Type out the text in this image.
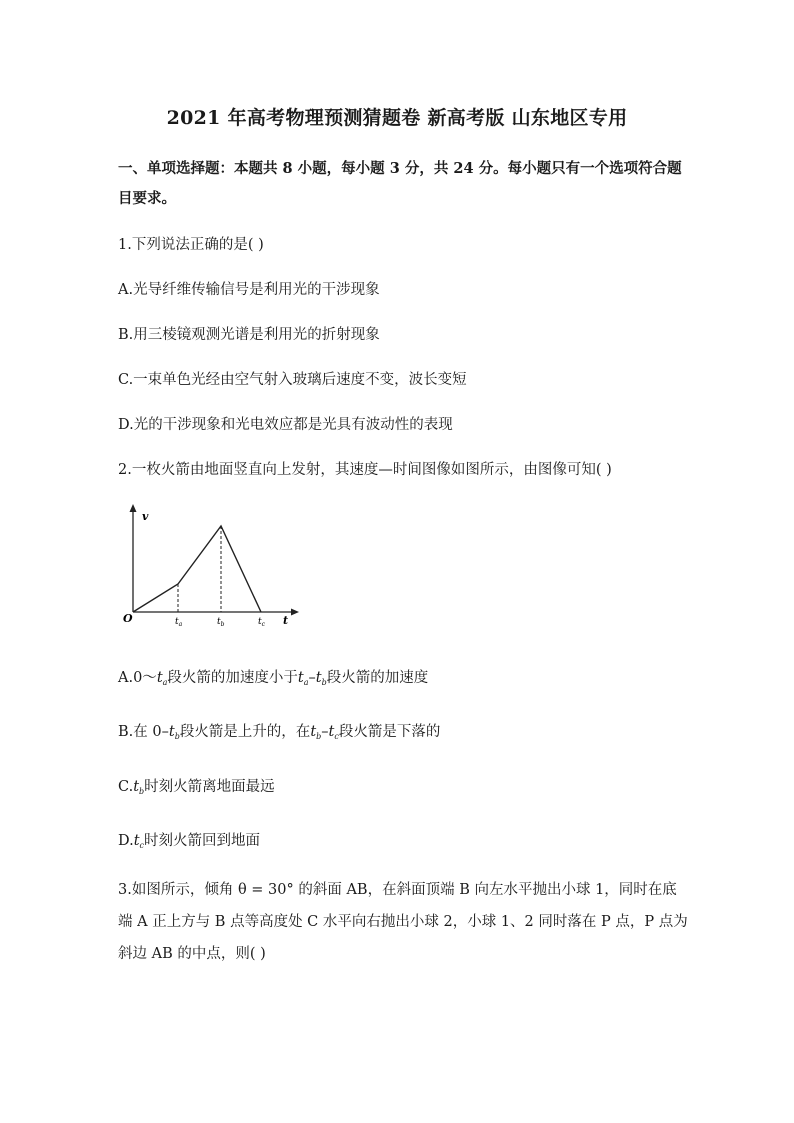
2021 年高考物理预测猜题卷 新高考版 山东地区专用
一、单项选择题：本题共 8 小题，每小题 3 分，共 24 分。每小题只有一个选项符合题目要求。
1.下列说法正确的是( )
A.光导纤维传输信号是利用光的干涉现象
B.用三棱镜观测光谱是利用光的折射现象
C.一束单色光经由空气射入玻璃后速度不变，波长变短
D.光的干涉现象和光电效应都是光具有波动性的表现
2.一枚火箭由地面竖直向上发射，其速度—时间图像如图所示，由图像可知( )
v
O	t
$t_a$	$t_b$	$t_c$
$A.0\sim t_a$段火箭的加速度小于$t_a-t_b$段火箭的加速度
B.在 $0-t_b$段火箭是上升的，在$t_b-t_c$段火箭是下落的
$C.t_b$时刻火箭离地面最远
$D.t_c$时刻火箭回到地面
3.如图所示，倾角 θ = 30° 的斜面 AB，在斜面顶端 B 向左水平抛出小球 1，同时在底端 A 正上方与 B 点等高度处 C 水平向右抛出小球 2，小球 1、2 同时落在 P 点，P 点为斜边 AB 的中点，则( )
